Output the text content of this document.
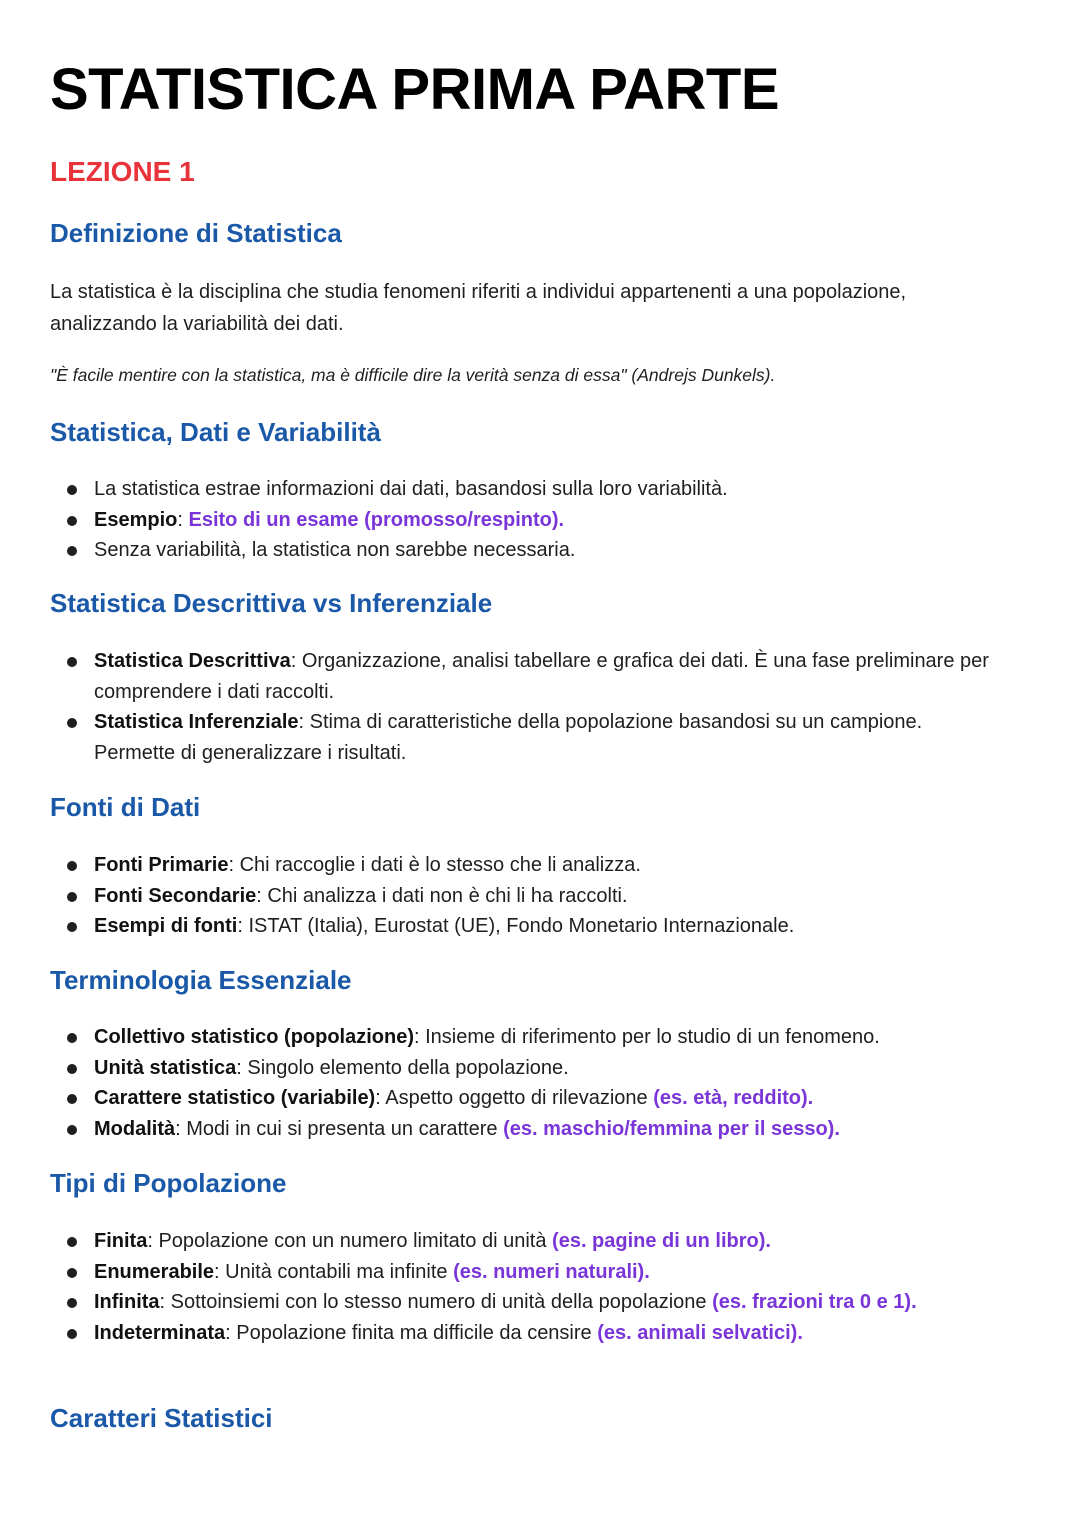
STATISTICA PRIMA PARTE
LEZIONE 1
Definizione di Statistica

La statistica è la disciplina che studia fenomeni riferiti a individui appartenenti a una popolazione, analizzando la variabilità dei dati.

"È facile mentire con la statistica, ma è difficile dire la verità senza di essa" (Andrejs Dunkels).

Statistica, Dati e Variabilità
La statistica estrae informazioni dai dati, basandosi sulla loro variabilità.
Esempio: Esito di un esame (promosso/respinto).
Senza variabilità, la statistica non sarebbe necessaria.
Statistica Descrittiva vs Inferenziale
Statistica Descrittiva: Organizzazione, analisi tabellare e grafica dei dati. È una fase preliminare per comprendere i dati raccolti.
Statistica Inferenziale: Stima di caratteristiche della popolazione basandosi su un campione. Permette di generalizzare i risultati.
Fonti di Dati
Fonti Primarie: Chi raccoglie i dati è lo stesso che li analizza.
Fonti Secondarie: Chi analizza i dati non è chi li ha raccolti.
Esempi di fonti: ISTAT (Italia), Eurostat (UE), Fondo Monetario Internazionale.
Terminologia Essenziale
Collettivo statistico (popolazione): Insieme di riferimento per lo studio di un fenomeno.
Unità statistica: Singolo elemento della popolazione.
Carattere statistico (variabile): Aspetto oggetto di rilevazione (es. età, reddito).
Modalità: Modi in cui si presenta un carattere (es. maschio/femmina per il sesso).
Tipi di Popolazione
Finita: Popolazione con un numero limitato di unità (es. pagine di un libro).
Enumerabile: Unità contabili ma infinite (es. numeri naturali).
Infinita: Sottoinsiemi con lo stesso numero di unità della popolazione (es. frazioni tra 0 e 1).
Indeterminata: Popolazione finita ma difficile da censire (es. animali selvatici).
Caratteri Statistici
